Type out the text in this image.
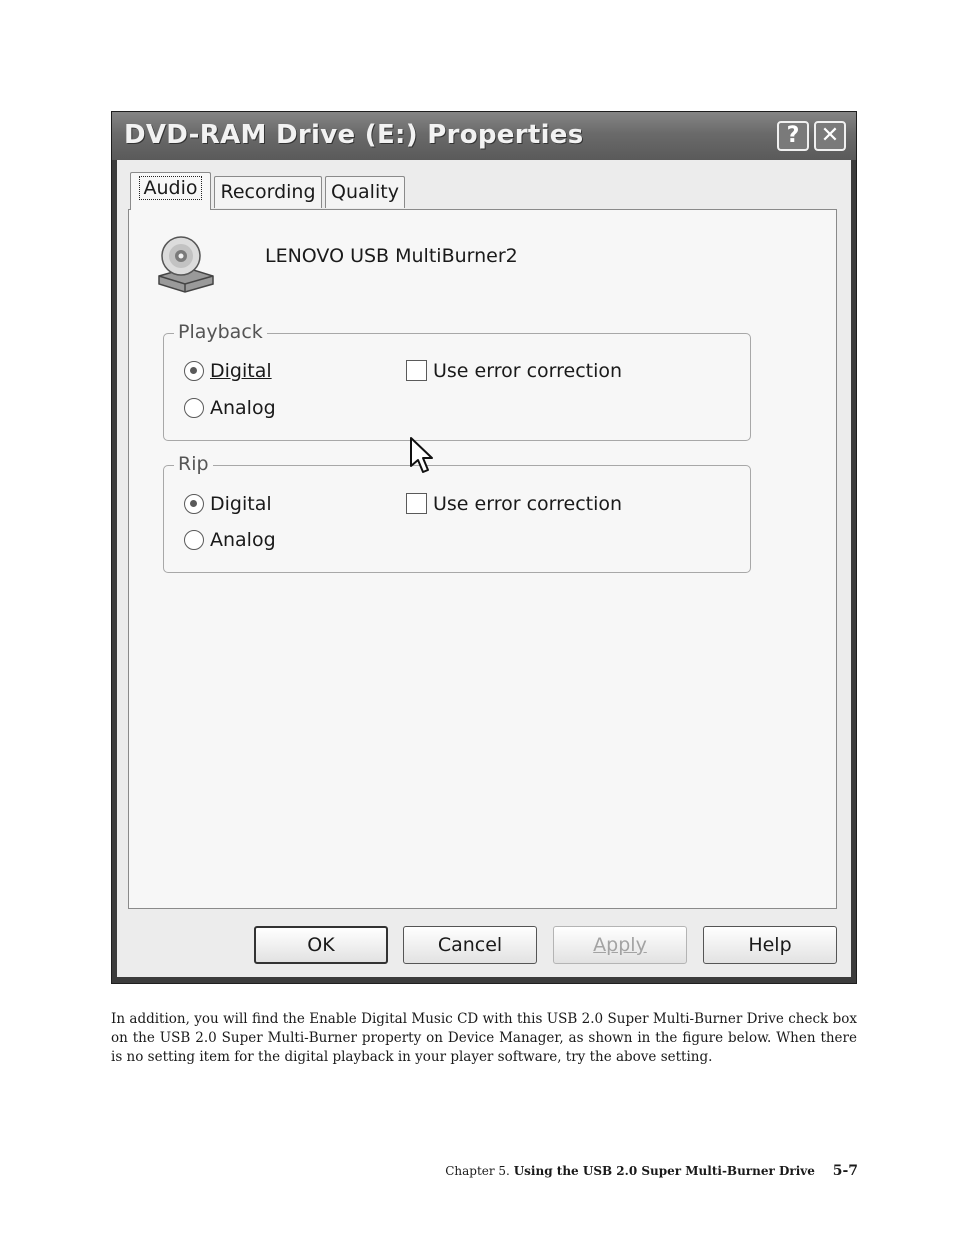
DVD-RAM Drive (E:) Properties	? ✕
Audio	Recording Quality
LENOVO USB MultiBurner2
Playback
Digital
Analog
Use error correction
Rip
Digital
Analog
Use error correction
OK	Cancel	Apply	Help

In addition, you will find the Enable Digital Music CD with this USB 2.0 Super Multi-Burner Drive check box on the USB 2.0 Super Multi-Burner property on Device Manager, as shown in the figure below. When there is no setting item for the digital playback in your player software, try the above setting.

Chapter 5. Using the USB 2.0 Super Multi-Burner Drive 5-7
